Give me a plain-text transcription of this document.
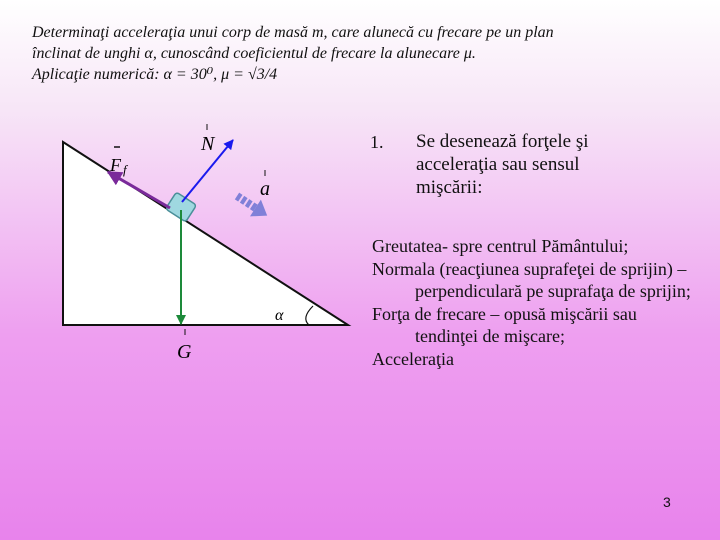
Determinaţi acceleraţia unui corp de masă m, care alunecă cu frecare pe un plan
înclinat de unghi α, cunoscând coeficientul de frecare la alunecare μ.
Aplicaţie numerică: α = 30⁰, μ = √3/4
N
a
G
F f
α
1. Se desenează forţele şi acceleraţia sau sensul mişcării:

Greutatea- spre centrul Pământului;

Normala (reacţiunea suprafeţei de sprijin) – perpendiculară pe suprafaţa de sprijin;

Forţa de frecare – opusă mişcării sau tendinţei de mişcare;

Acceleraţia

3
